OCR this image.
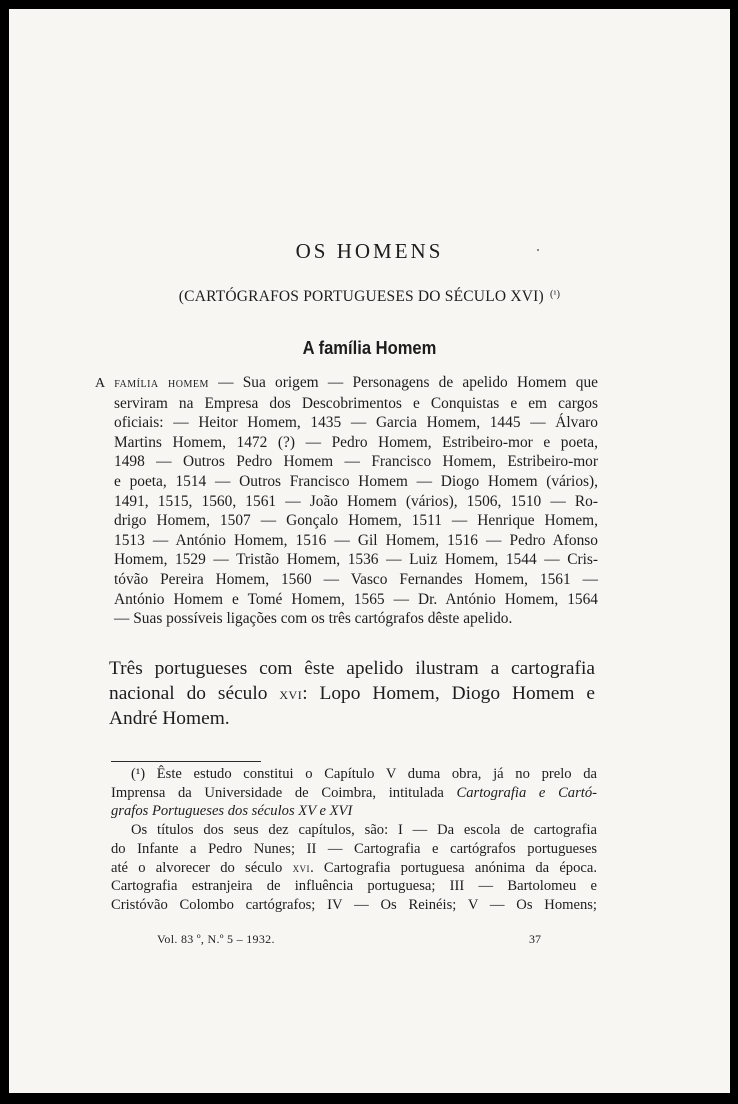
OS HOMENS
(CARTÓGRAFOS PORTUGUESES DO SÉCULO XVI) $^{(^1)}$
A família Homem
A família homem — Sua origem — Personagens de apelido Homem que
serviram na Empresa dos Descobrimentos e Conquistas e em cargos
oficiais: — Heitor Homem, 1435 — Garcia Homem, 1445 — Álvaro
Martins Homem, 1472 (?) — Pedro Homem, Estribeiro-mor e poeta,
1498 — Outros Pedro Homem — Francisco Homem, Estribeiro-mor
e poeta, 1514 — Outros Francisco Homem — Diogo Homem (vários),
1491, 1515, 1560, 1561 — João Homem (vários), 1506, 1510 — Ro-
drigo Homem, 1507 — Gonçalo Homem, 1511 — Henrique Homem,
1513 — António Homem, 1516 — Gil Homem, 1516 — Pedro Afonso
Homem, 1529 — Tristão Homem, 1536 — Luiz Homem, 1544 — Cris-
tóvão Pereira Homem, 1560 — Vasco Fernandes Homem, 1561 —
António Homem e Tomé Homem, 1565 — Dr. António Homem, 1564
— Suas possíveis ligações com os três cartógrafos dêste apelido.
Três portugueses com êste apelido ilustram a cartografia
nacional do século xvi: Lopo Homem, Diogo Homem e
André Homem.
(¹) Êste estudo constitui o Capítulo V duma obra, já no prelo da
Imprensa da Universidade de Coimbra, intitulada Cartografia e Cartó-
grafos Portugueses dos séculos XV e XVI
Os títulos dos seus dez capítulos, são: I — Da escola de cartografia
do Infante a Pedro Nunes; II — Cartografia e cartógrafos portugueses
até o alvorecer do século xvi. Cartografia portuguesa anónima da época.
Cartografia estranjeira de influência portuguesa; III — Bartolomeu e
Cristóvão Colombo cartógrafos; IV — Os Reinéis; V — Os Homens;
Vol. 83 º, N.º 5 – 1932.	37
